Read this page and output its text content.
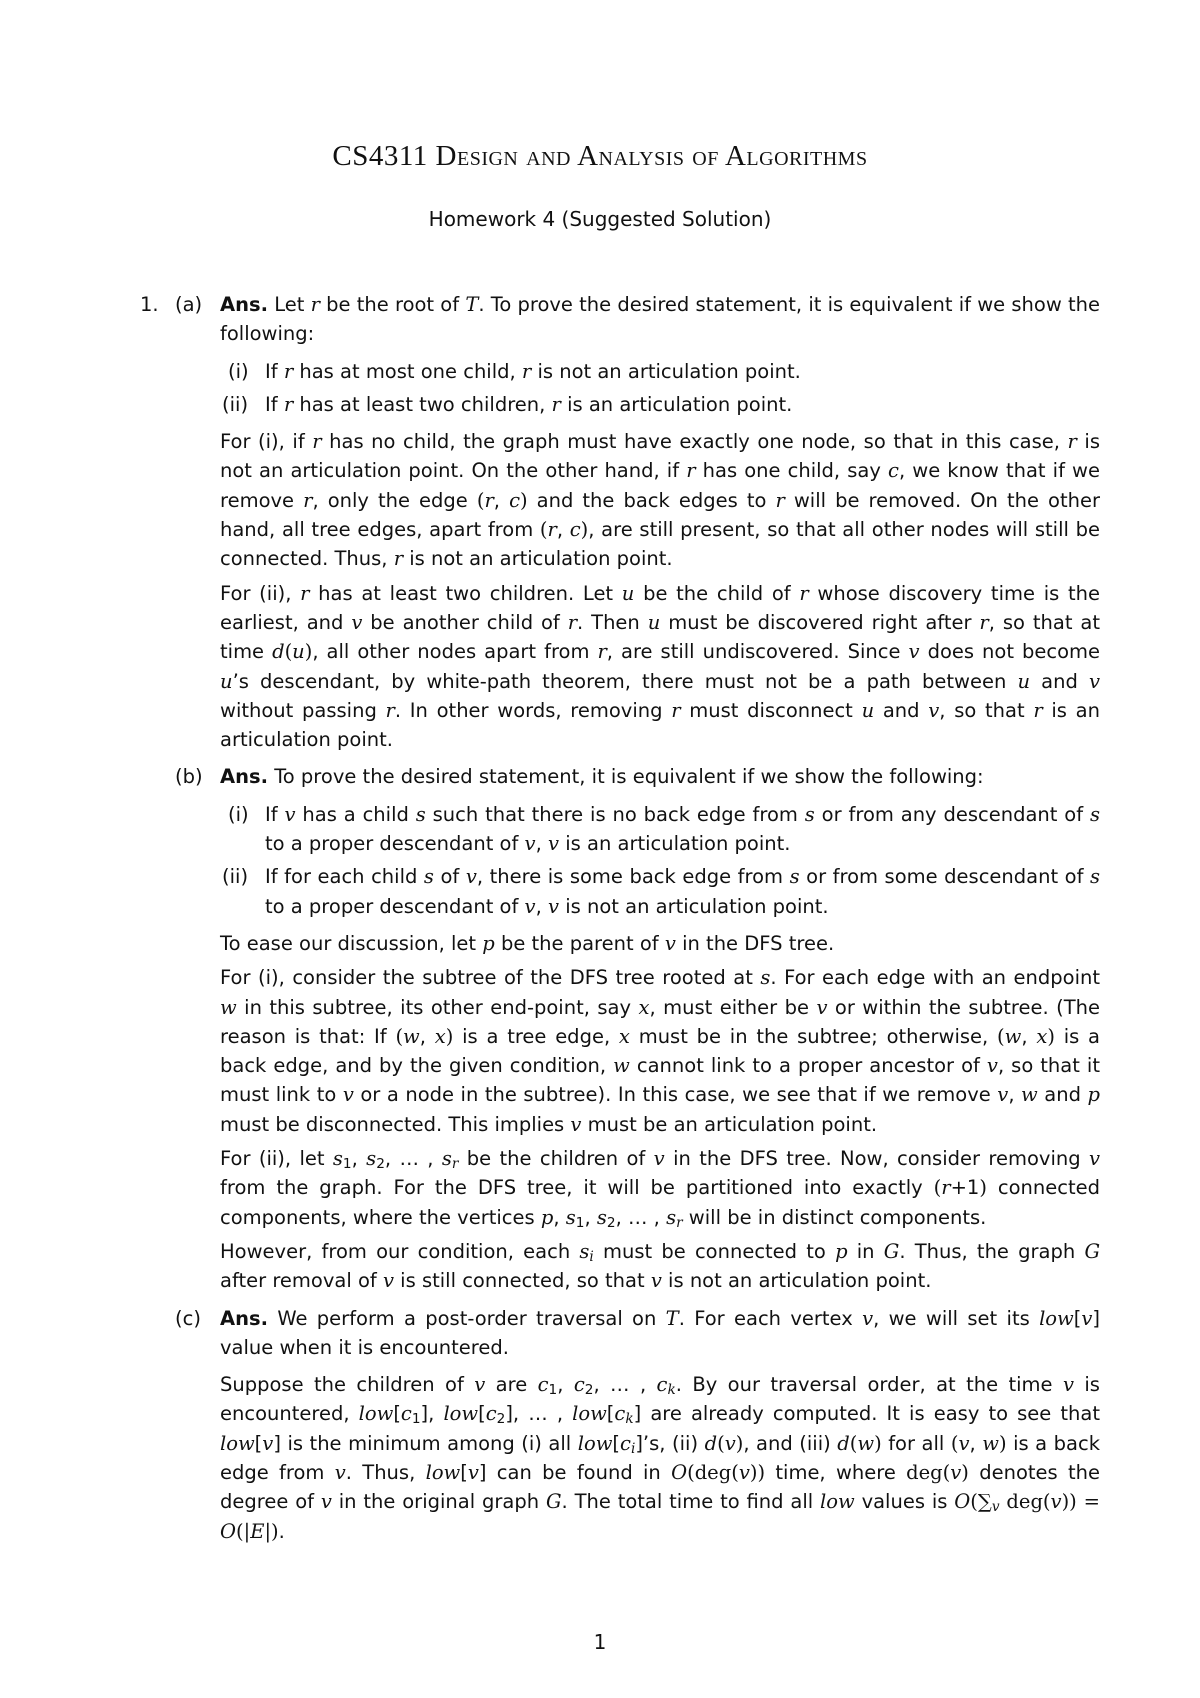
CS4311 Design and Analysis of Algorithms
Homework 4 (Suggested Solution)
1. (a) Ans. Let r be the root of T. To prove the desired statement, it is equivalent if we show the following:

(i) If r has at most one child, r is not an articulation point.

(ii) If r has at least two children, r is an articulation point.

For (i), if r has no child, the graph must have exactly one node, so that in this case, r is not an articulation point. On the other hand, if r has one child, say c, we know that if we remove r, only the edge (r, c) and the back edges to r will be removed. On the other hand, all tree edges, apart from (r, c), are still present, so that all other nodes will still be connected. Thus, r is not an articulation point.

For (ii), r has at least two children. Let u be the child of r whose discovery time is the earliest, and v be another child of r. Then u must be discovered right after r, so that at time d(u), all other nodes apart from r, are still undiscovered. Since v does not become u’s descendant, by white-path theorem, there must not be a path between u and v without passing r. In other words, removing r must disconnect u and v, so that r is an articulation point.

(b) Ans. To prove the desired statement, it is equivalent if we show the following:

(i) If v has a child s such that there is no back edge from s or from any descendant of s to a proper descendant of v, v is an articulation point.

(ii) If for each child s of v, there is some back edge from s or from some descendant of s to a proper descendant of v, v is not an articulation point.

To ease our discussion, let p be the parent of v in the DFS tree.

For (i), consider the subtree of the DFS tree rooted at s. For each edge with an endpoint w in this subtree, its other end-point, say x, must either be v or within the subtree. (The reason is that: If (w, x) is a tree edge, x must be in the subtree; otherwise, (w, x) is a back edge, and by the given condition, w cannot link to a proper ancestor of v, so that it must link to v or a node in the subtree). In this case, we see that if we remove v, w and p must be disconnected. This implies v must be an articulation point.

For (ii), let $s_1$, $s_2$, … , $s_r$ be the children of v in the DFS tree. Now, consider removing v from the graph. For the DFS tree, it will be partitioned into exactly (r+1) connected components, where the vertices p, $s_1$, $s_2$, … , $s_r$ will be in distinct components.

However, from our condition, each $s_i$ must be connected to p in G. Thus, the graph G after removal of v is still connected, so that v is not an articulation point.

(c) Ans. We perform a post-order traversal on T. For each vertex v, we will set its low[v] value when it is encountered.

Suppose the children of v are $c_1$, $c_2$, … , $c_k$. By our traversal order, at the time v is encountered, $low[c_1]$, $low[c_2]$, … , $low[c_k]$ are already computed. It is easy to see that low[v] is the minimum among (i) all $low[c_i]’s$, (ii) d(v), and (iii) d(w) for all (v, w) is a back edge from v. Thus, low[v] can be found in O(deg(v)) time, where deg(v) denotes the degree of v in the original graph G. The total time to find all low values is $O(\sum_v$ deg(v)) = O(|E|).

1
